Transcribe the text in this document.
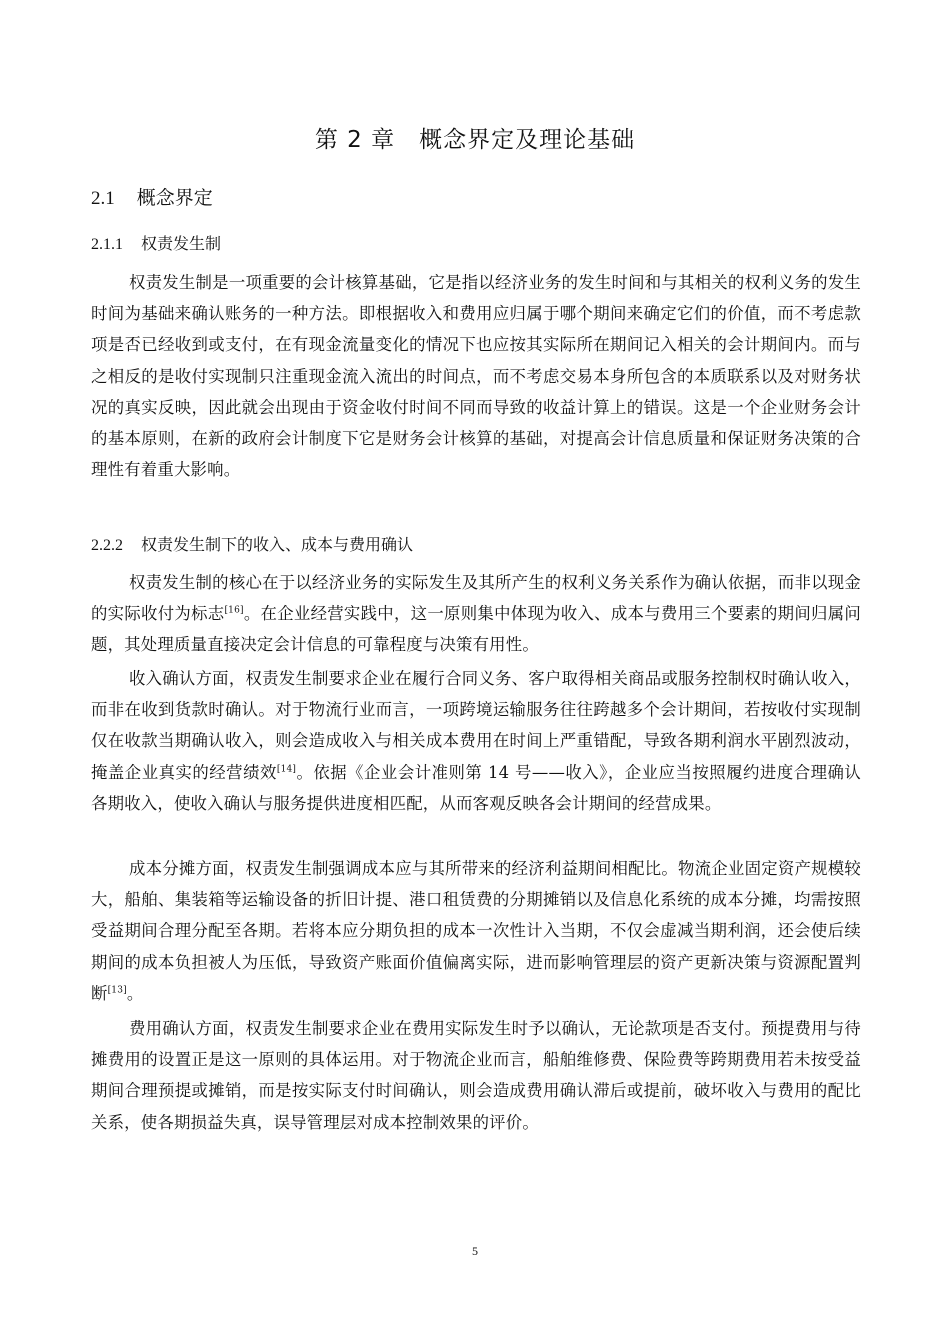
第 2 章　概念界定及理论基础
2.1 概念界定
2.1.1 权责发生制

权责发生制是一项重要的会计核算基础，它是指以经济业务的发生时间和与其相关的权利义务的发生时间为基础来确认账务的一种方法。即根据收入和费用应归属于哪个期间来确定它们的价值，而不考虑款项是否已经收到或支付，在有现金流量变化的情况下也应按其实际所在期间记入相关的会计期间内。而与之相反的是收付实现制只注重现金流入流出的时间点，而不考虑交易本身所包含的本质联系以及对财务状况的真实反映，因此就会出现由于资金收付时间不同而导致的收益计算上的错误。这是一个企业财务会计的基本原则，在新的政府会计制度下它是财务会计核算的基础，对提高会计信息质量和保证财务决策的合理性有着重大影响。

2.2.2 权责发生制下的收入、成本与费用确认

权责发生制的核心在于以经济业务的实际发生及其所产生的权利义务关系作为确认依据，而非以现金的实际收付为标志[16]。在企业经营实践中，这一原则集中体现为收入、成本与费用三个要素的期间归属问题，其处理质量直接决定会计信息的可靠程度与决策有用性。

收入确认方面，权责发生制要求企业在履行合同义务、客户取得相关商品或服务控制权时确认收入，而非在收到货款时确认。对于物流行业而言，一项跨境运输服务往往跨越多个会计期间，若按收付实现制仅在收款当期确认收入，则会造成收入与相关成本费用在时间上严重错配，导致各期利润水平剧烈波动，掩盖企业真实的经营绩效[14]。依据《企业会计准则第 14 号——收入》，企业应当按照履约进度合理确认各期收入，使收入确认与服务提供进度相匹配，从而客观反映各会计期间的经营成果。

成本分摊方面，权责发生制强调成本应与其所带来的经济利益期间相配比。物流企业固定资产规模较大，船舶、集装箱等运输设备的折旧计提、港口租赁费的分期摊销以及信息化系统的成本分摊，均需按照受益期间合理分配至各期。若将本应分期负担的成本一次性计入当期，不仅会虚减当期利润，还会使后续期间的成本负担被人为压低，导致资产账面价值偏离实际，进而影响管理层的资产更新决策与资源配置判断[13]。

费用确认方面，权责发生制要求企业在费用实际发生时予以确认，无论款项是否支付。预提费用与待摊费用的设置正是这一原则的具体运用。对于物流企业而言，船舶维修费、保险费等跨期费用若未按受益期间合理预提或摊销，而是按实际支付时间确认，则会造成费用确认滞后或提前，破坏收入与费用的配比关系，使各期损益失真，误导管理层对成本控制效果的评价。

5
